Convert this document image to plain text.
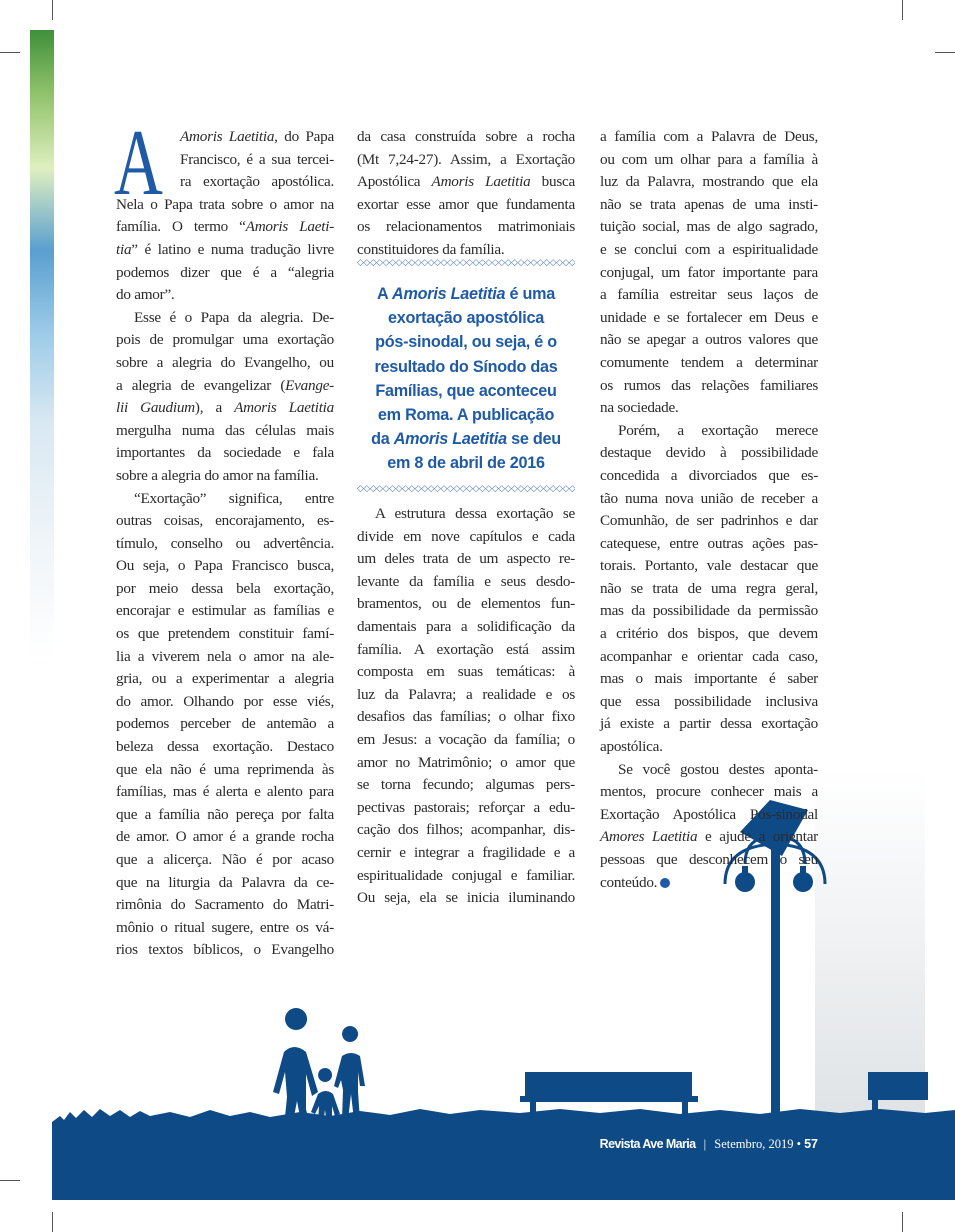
A	Amoris Laetitia, do Papa
Francisco, é a sua tercei-
ra exortação apostólica.
Nela o Papa trata sobre o amor na
família. O termo “Amoris Laeti-
tia” é latino e numa tradução livre
podemos dizer que é a “alegria
do amor”.
Esse é o Papa da alegria. De-
pois de promulgar uma exortação
sobre a alegria do Evangelho, ou
a alegria de evangelizar (Evange-
lii Gaudium), a Amoris Laetitia
mergulha numa das células mais
importantes da sociedade e fala
sobre a alegria do amor na família.
“Exortação” significa, entre
outras coisas, encorajamento, es-
tímulo, conselho ou advertência.
Ou seja, o Papa Francisco busca,
por meio dessa bela exortação,
encorajar e estimular as famílias e
os que pretendem constituir famí-
lia a viverem nela o amor na ale-
gria, ou a experimentar a alegria
do amor. Olhando por esse viés,
podemos perceber de antemão a
beleza dessa exortação. Destaco
que ela não é uma reprimenda às
famílias, mas é alerta e alento para
que a família não pereça por falta
de amor. O amor é a grande rocha
que a alicerça. Não é por acaso
que na liturgia da Palavra da ce-
rimônia do Sacramento do Matri-
mônio o ritual sugere, entre os vá-
rios textos bíblicos, o Evangelho
da casa construída sobre a rocha
(Mt 7,24-27). Assim, a Exortação
Apostólica Amoris Laetitia busca
exortar esse amor que fundamenta
os relacionamentos matrimoniais
constituidores da família.
◇◇◇◇◇◇◇◇◇◇◇◇◇◇◇◇◇◇◇◇◇◇◇◇◇◇◇◇◇◇◇◇◇◇
A Amoris Laetitia é uma
exortação apostólica
pós-sinodal, ou seja, é o
resultado do Sínodo das
Famílias, que aconteceu
em Roma. A publicação
da Amoris Laetitia se deu
em 8 de abril de 2016
◇◇◇◇◇◇◇◇◇◇◇◇◇◇◇◇◇◇◇◇◇◇◇◇◇◇◇◇◇◇◇◇◇◇
A estrutura dessa exortação se
divide em nove capítulos e cada
um deles trata de um aspecto re-
levante da família e seus desdo-
bramentos, ou de elementos fun-
damentais para a solidificação da
família. A exortação está assim
composta em suas temáticas: à
luz da Palavra; a realidade e os
desafios das famílias; o olhar fixo
em Jesus: a vocação da família; o
amor no Matrimônio; o amor que
se torna fecundo; algumas pers-
pectivas pastorais; reforçar a edu-
cação dos filhos; acompanhar, dis-
cernir e integrar a fragilidade e a
espiritualidade conjugal e familiar.
Ou seja, ela se inicia iluminando
a família com a Palavra de Deus,
ou com um olhar para a família à
luz da Palavra, mostrando que ela
não se trata apenas de uma insti-
tuição social, mas de algo sagrado,
e se conclui com a espiritualidade
conjugal, um fator importante para
a família estreitar seus laços de
unidade e se fortalecer em Deus e
não se apegar a outros valores que
comumente tendem a determinar
os rumos das relações familiares
na sociedade.
Porém, a exortação merece
destaque devido à possibilidade
concedida a divorciados que es-
tão numa nova união de receber a
Comunhão, de ser padrinhos e dar
catequese, entre outras ações pas-
torais. Portanto, vale destacar que
não se trata de uma regra geral,
mas da possibilidade da permissão
a critério dos bispos, que devem
acompanhar e orientar cada caso,
mas o mais importante é saber
que essa possibilidade inclusiva
já existe a partir dessa exortação
apostólica.
Se você gostou destes aponta-
mentos, procure conhecer mais a
Exortação Apostólica Pós-sinodal
Amores Laetitia e ajude a orientar
pessoas que desconhecem o seu
conteúdo.
Revista Ave Maria | Setembro, 2019 • 57
